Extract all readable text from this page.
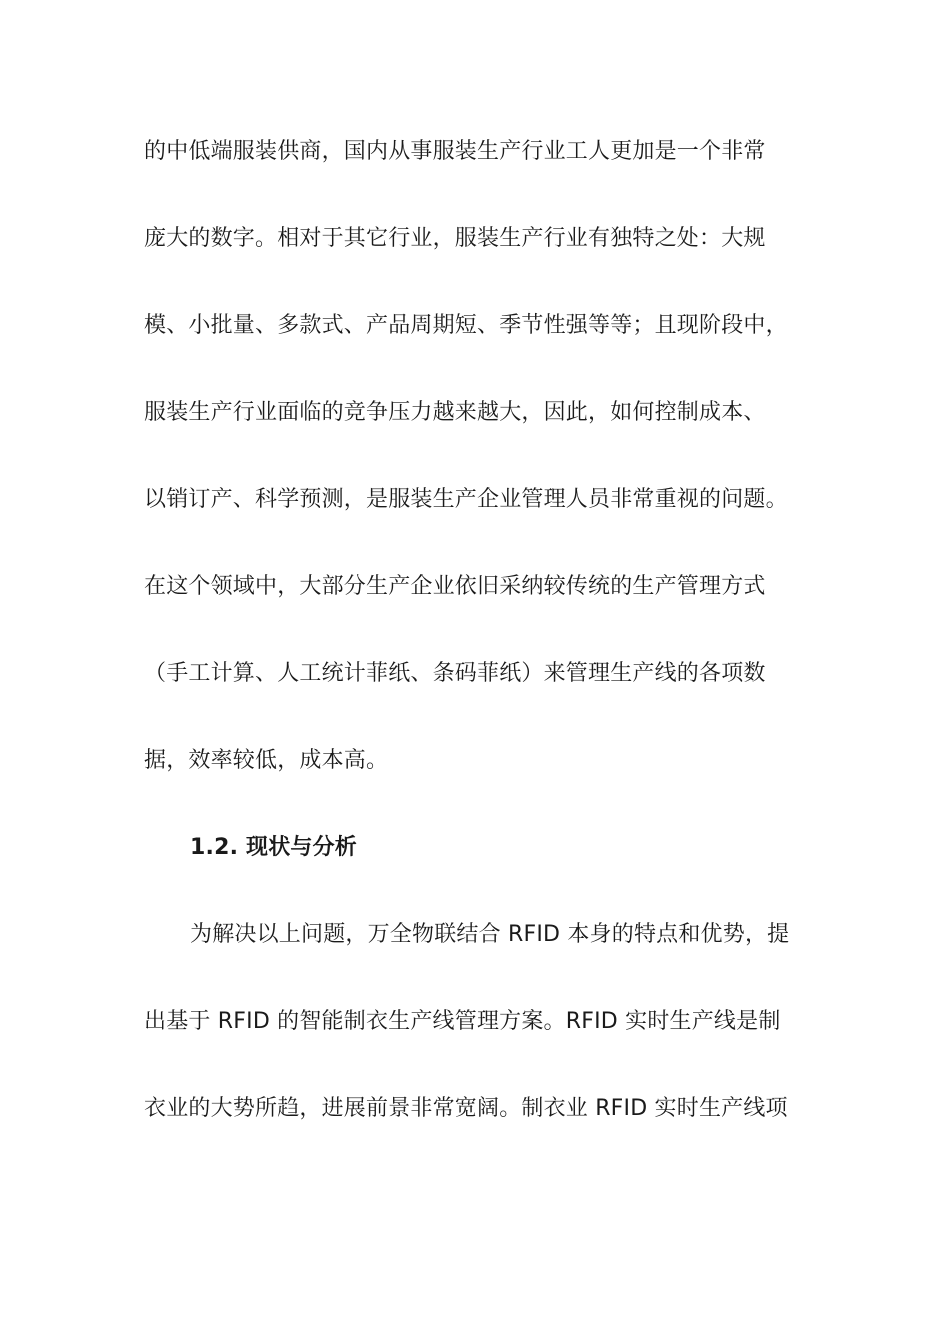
的中低端服装供商，国内从事服装生产行业工人更加是一个非常

庞大的数字。相对于其它行业，服装生产行业有独特之处：大规

模、小批量、多款式、产品周期短、季节性强等等；且现阶段中，

服装生产行业面临的竞争压力越来越大，因此，如何控制成本、

以销订产、科学预测，是服装生产企业管理人员非常重视的问题。

在这个领域中，大部分生产企业依旧采纳较传统的生产管理方式

（手工计算、人工统计菲纸、条码菲纸）来管理生产线的各项数

据，效率较低，成本高。

1.2. 现状与分析

为解决以上问题，万全物联结合 RFID 本身的特点和优势，提

出基于 RFID 的智能制衣生产线管理方案。RFID 实时生产线是制

衣业的大势所趋，进展前景非常宽阔。制衣业 RFID 实时生产线项
